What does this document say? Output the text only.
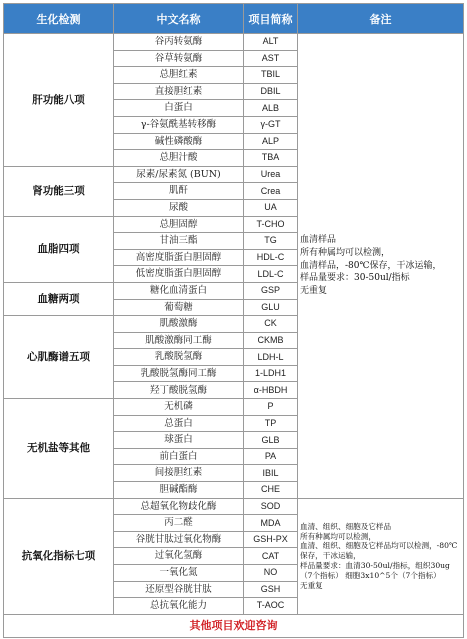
生化检测	中文名称	项目简称	备注
肝功能八项	谷丙转氨酶	ALT	血清样品
所有种属均可以检测，
血清样品，-80℃保存，干冰运输，
样品量要求：30-50ul/指标
无重复

	谷草转氨酶	AST	
	总胆红素	TBIL	
	直接胆红素	DBIL	
	白蛋白	ALB	
	γ-谷氨酰基转移酶	γ-GT	
	碱性磷酸酶	ALP	
	总胆汁酸	TBA	
肾功能三项	尿素/尿素氮 (BUN)	Urea	
	肌酐	Crea	
	尿酸	UA	
血脂四项	总胆固醇	T-CHO	
	甘油三酯	TG	
	高密度脂蛋白胆固醇	HDL-C	
	低密度脂蛋白胆固醇	LDL-C	
血糖两项	糖化血清蛋白	GSP	
	葡萄糖	GLU	
心肌酶谱五项	肌酸激酶	CK	
	肌酸激酶同工酶	CKMB	
	乳酸脱氢酶	LDH-L	
	乳酸脱氢酶同工酶	1-LDH1	
	羟丁酸脱氢酶	α-HBDH	
无机盐等其他	无机磷	P	
	总蛋白	TP	
	球蛋白	GLB	
	前白蛋白	PA	
	间接胆红素	IBIL	
	胆碱酯酶	CHE	
抗氧化指标七项	总超氧化物歧化酶	SOD	血清、组织、细胞及它样品
所有种属均可以检测，
血清、组织、细胞及它样品均可以检测，-80℃保存，干冰运输，
样品量要求：血清30-50ul/指标，组织30ug（7个指标） 细胞3x10^5个（7个指标）
无重复

	丙二醛	MDA	
	谷胱甘肽过氧化物酶	GSH-PX	
	过氧化氢酶	CAT	
	一氧化氮	NO	
	还原型谷胱甘肽	GSH	
	总抗氧化能力	T-AOC	
其他项目欢迎咨询			
